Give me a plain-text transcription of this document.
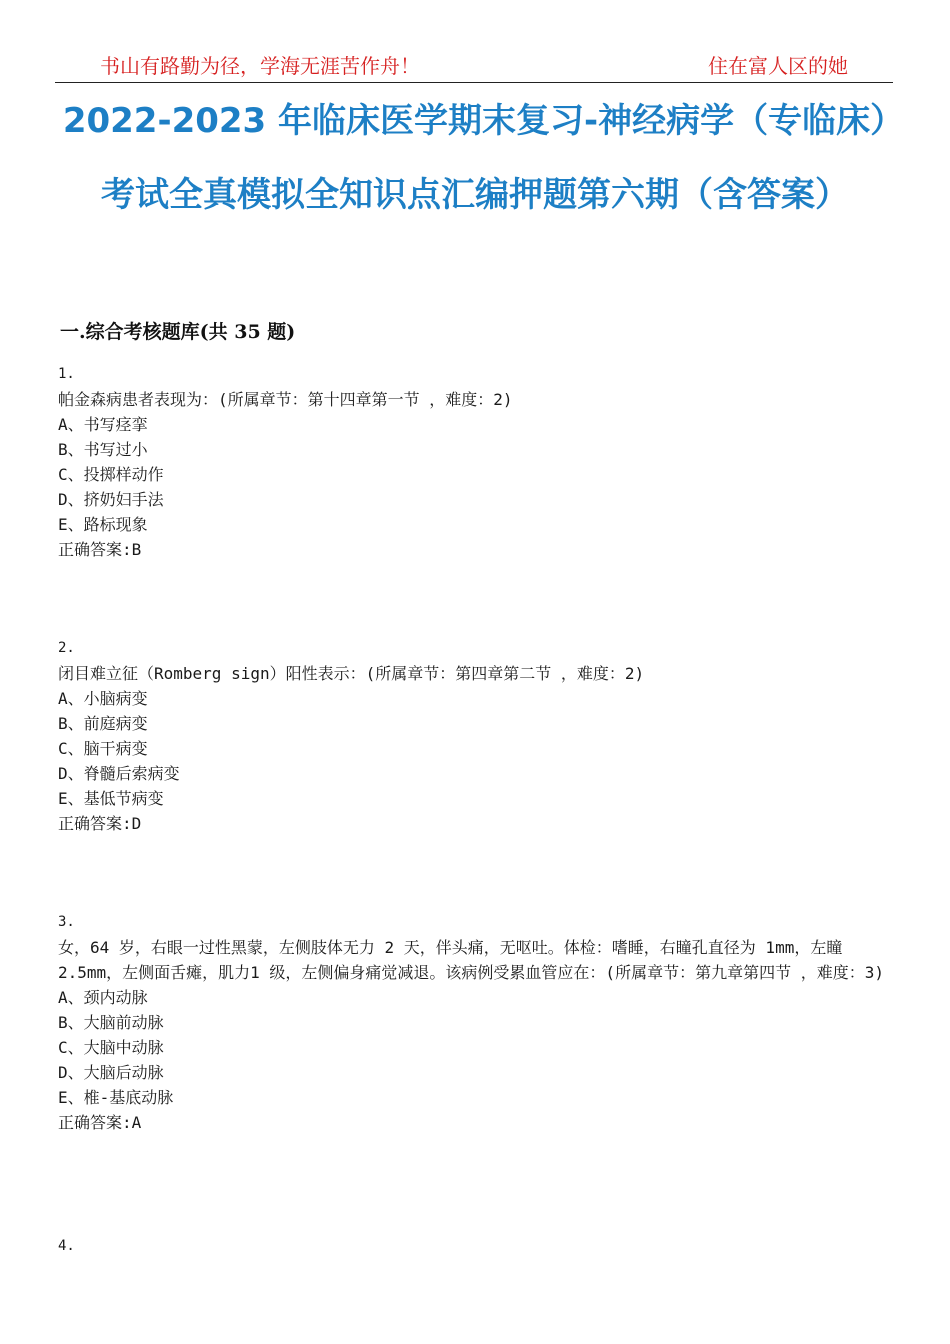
书山有路勤为径，学海无涯苦作舟！	住在富人区的她
2022-2023 年临床医学期末复习-神经病学（专临床）考试全真模拟全知识点汇编押题第六期（含答案）
一.综合考核题库(共 35 题)
1.
帕金森病患者表现为：(所属章节：第十四章第一节 ，难度：2)
A、书写痉挛
B、书写过小
C、投掷样动作
D、挤奶妇手法
E、路标现象
正确答案:B
2.
闭目难立征（Romberg sign）阳性表示：(所属章节：第四章第二节 ，难度：2)
A、小脑病变
B、前庭病变
C、脑干病变
D、脊髓后索病变
E、基低节病变
正确答案:D
3.
女，64 岁，右眼一过性黑蒙，左侧肢体无力 2 天，伴头痛，无呕吐。体检：嗜睡，右瞳孔直径为 1mm，左瞳 2.5mm，左侧面舌瘫，肌力1 级，左侧偏身痛觉减退。该病例受累血管应在：(所属章节：第九章第四节 ，难度：3)
A、颈内动脉
B、大脑前动脉
C、大脑中动脉
D、大脑后动脉
E、椎-基底动脉
正确答案:A
4.
